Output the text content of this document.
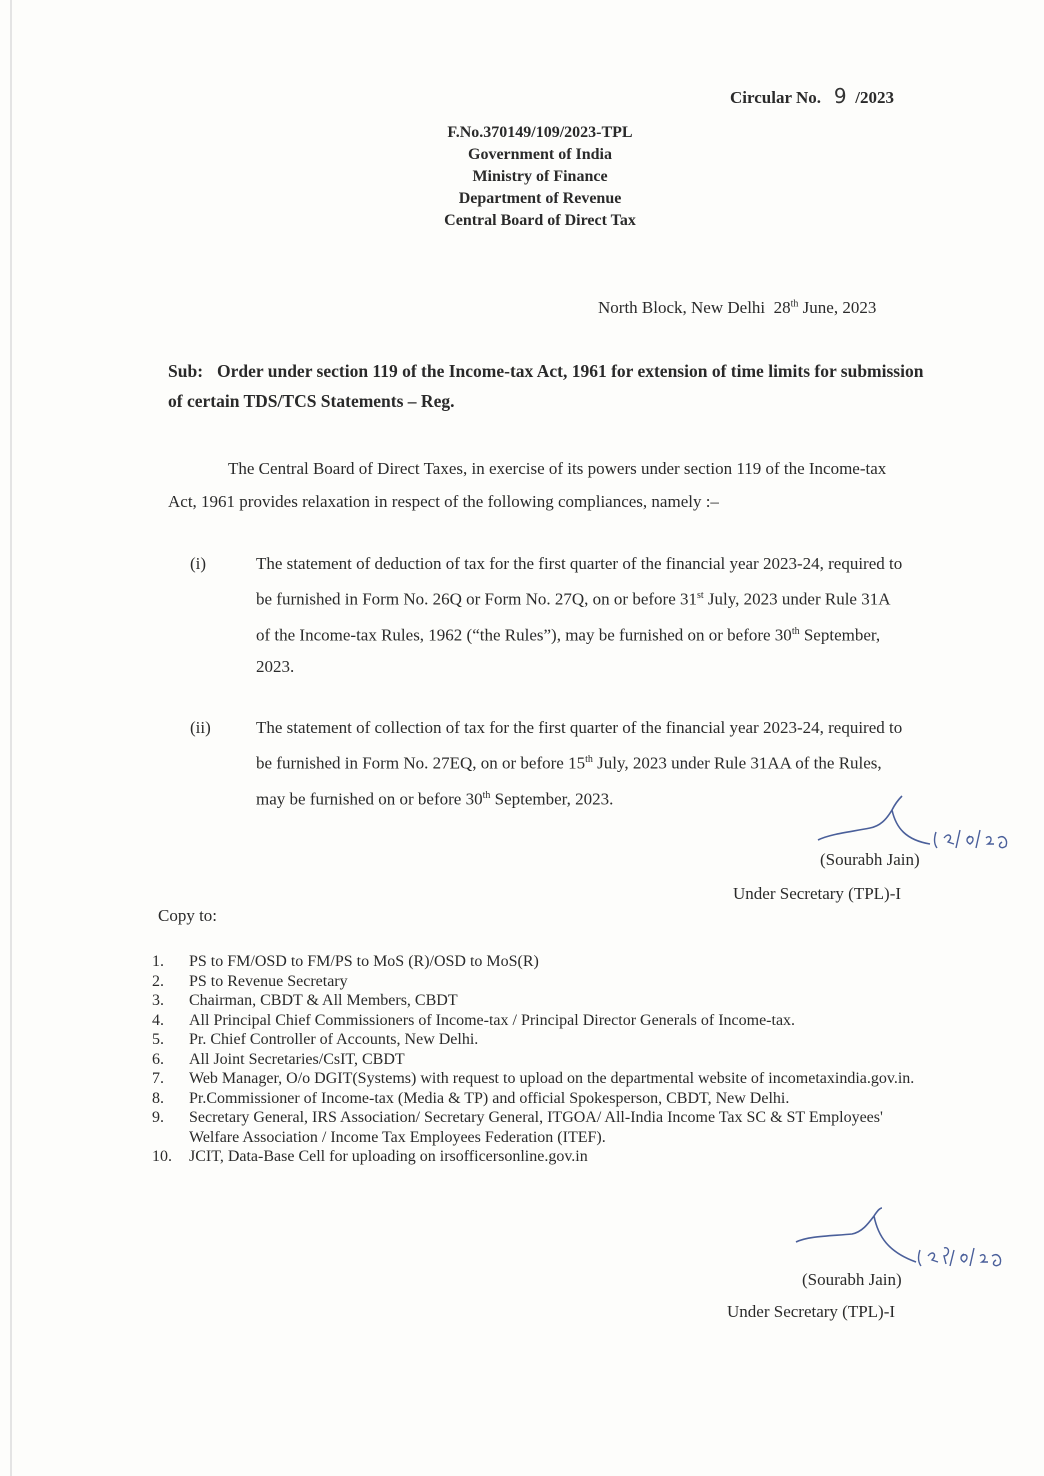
Circular No. 9 /2023
F.No.370149/109/2023-TPL
Government of India
Ministry of Finance
Department of Revenue
Central Board of Direct Tax
North Block, New Delhi 28th June, 2023
Sub: Order under section 119 of the Income-tax Act, 1961 for extension of time limits for submission of certain TDS/TCS Statements – Reg.
The Central Board of Direct Taxes, in exercise of its powers under section 119 of the Income-tax Act, 1961 provides relaxation in respect of the following compliances, namely :–
(i)	The statement of deduction of tax for the first quarter of the financial year 2023-24, required to be furnished in Form No. 26Q or Form No. 27Q, on or before 31st July, 2023 under Rule 31A of the Income-tax Rules, 1962 (“the Rules”), may be furnished on or before 30th September, 2023.
(ii)	The statement of collection of tax for the first quarter of the financial year 2023-24, required to be furnished in Form No. 27EQ, on or before 15th July, 2023 under Rule 31AA of the Rules, may be furnished on or before 30th September, 2023.
(Sourabh Jain)
Under Secretary (TPL)-I
Copy to:
1. PS to FM/OSD to FM/PS to MoS (R)/OSD to MoS(R)
2. PS to Revenue Secretary
3. Chairman, CBDT & All Members, CBDT
4. All Principal Chief Commissioners of Income-tax / Principal Director Generals of Income-tax.
5. Pr. Chief Controller of Accounts, New Delhi.
6. All Joint Secretaries/CsIT, CBDT
7. Web Manager, O/o DGIT(Systems) with request to upload on the departmental website of incometaxindia.gov.in.
8. Pr.Commissioner of Income-tax (Media & TP) and official Spokesperson, CBDT, New Delhi.
9. Secretary General, IRS Association/ Secretary General, ITGOA/ All-India Income Tax SC & ST Employees' Welfare Association / Income Tax Employees Federation (ITEF).
10. JCIT, Data-Base Cell for uploading on irsofficersonline.gov.in
(Sourabh Jain)
Under Secretary (TPL)-I
